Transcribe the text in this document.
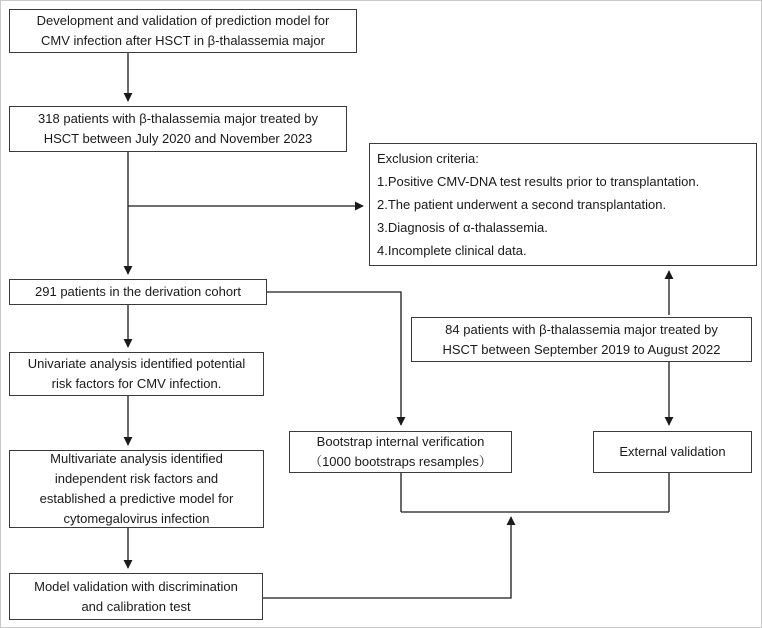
Development and validation of prediction model for
CMV infection after HSCT in β-thalassemia major
318 patients with β-thalassemia major treated by
HSCT between July 2020 and November 2023
Exclusion criteria:
1.Positive CMV-DNA test results prior to transplantation.
2.The patient underwent a second transplantation.
3.Diagnosis of α-thalassemia.
4.Incomplete clinical data.
291 patients in the derivation cohort
84 patients with β-thalassemia major treated by
HSCT between September 2019 to August 2022
Univariate analysis identified potential
risk factors for CMV infection.
Bootstrap internal verification
（1000 bootstraps resamples）
External validation
Multivariate analysis identified
independent risk factors and
established a predictive model for
cytomegalovirus infection
Model validation with discrimination
and calibration test
